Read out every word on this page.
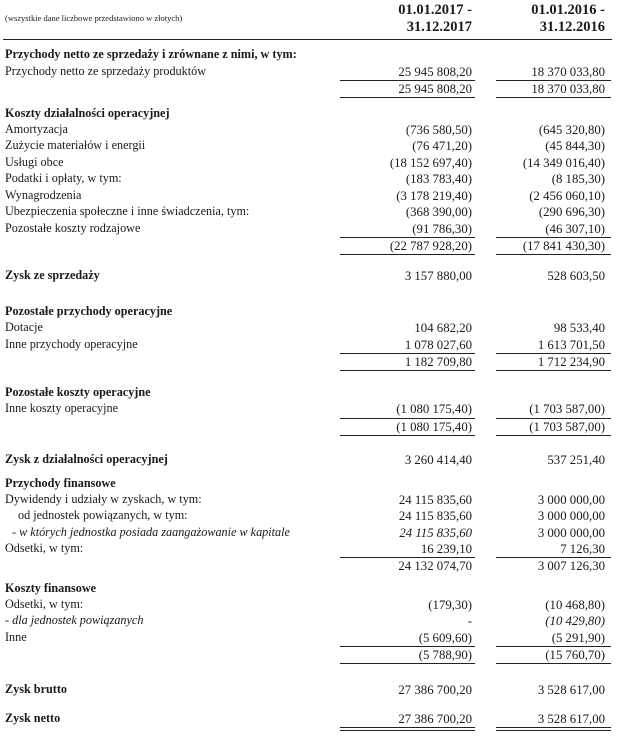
(wszystkie dane liczbowe przedstawiono w złotych)	01.01.2017 -
31.12.2017
01.01.2016 -
31.12.2016
Przychody netto ze sprzedaży i zrównane z nimi, w tym:
Przychody netto ze sprzedaży produktów	25 945 808,20	18 370 033,80
25 945 808,20	18 370 033,80
Koszty działalności operacyjnej
Amortyzacja	(736 580,50)	(645 320,80)
Zużycie materiałów i energii	(76 471,20)	(45 844,30)
Usługi obce	(18 152 697,40)	(14 349 016,40)
Podatki i opłaty, w tym:	(183 783,40)	(8 185,30)
Wynagrodzenia	(3 178 219,40)	(2 456 060,10)
Ubezpieczenia społeczne i inne świadczenia, tym:	(368 390,00)	(290 696,30)
Pozostałe koszty rodzajowe	(91 786,30)	(46 307,10)
(22 787 928,20)	(17 841 430,30)
Zysk ze sprzedaży	3 157 880,00	528 603,50
Pozostałe przychody operacyjne
Dotacje	104 682,20	98 533,40
Inne przychody operacyjne	1 078 027,60	1 613 701,50
1 182 709,80	1 712 234,90
Pozostałe koszty operacyjne
Inne koszty operacyjne	(1 080 175,40)	(1 703 587,00)
(1 080 175,40)	(1 703 587,00)
Zysk z działalności operacyjnej	3 260 414,40	537 251,40
Przychody finansowe
Dywidendy i udziały w zyskach, w tym:	24 115 835,60	3 000 000,00
od jednostek powiązanych, w tym:	24 115 835,60	3 000 000,00
- w których jednostka posiada zaangażowanie w kapitale	24 115 835,60	3 000 000,00
Odsetki, w tym:	16 239,10	7 126,30
24 132 074,70	3 007 126,30
Koszty finansowe
Odsetki, w tym:	(179,30)	(10 468,80)
- dla jednostek powiązanych	-	(10 429,80)
Inne	(5 609,60)	(5 291,90)
(5 788,90)	(15 760,70)
Zysk brutto	27 386 700,20	3 528 617,00
Zysk netto	27 386 700,20	3 528 617,00
